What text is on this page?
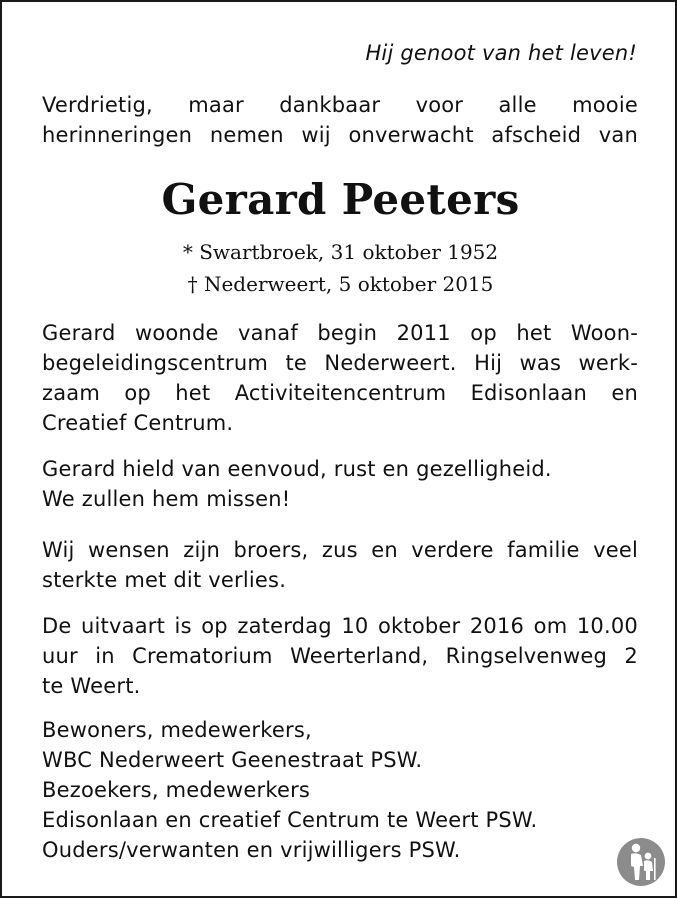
Hij genoot van het leven!
Verdrietig, maar dankbaar voor alle mooie
herinneringen nemen wij onverwacht afscheid van
Gerard Peeters
* Swartbroek, 31 oktober 1952
† Nederweert, 5 oktober 2015
Gerard woonde vanaf begin 2011 op het Woon-
begeleidingscentrum te Nederweert. Hij was werk-
zaam op het Activiteitencentrum Edisonlaan en
Creatief Centrum.
Gerard hield van eenvoud, rust en gezelligheid.
We zullen hem missen!
Wij wensen zijn broers, zus en verdere familie veel
sterkte met dit verlies.
De uitvaart is op zaterdag 10 oktober 2016 om 10.00
uur in Crematorium Weerterland, Ringselvenweg 2
te Weert.
Bewoners, medewerkers,
WBC Nederweert Geenestraat PSW.
Bezoekers, medewerkers
Edisonlaan en creatief Centrum te Weert PSW.
Ouders/verwanten en vrijwilligers PSW.
